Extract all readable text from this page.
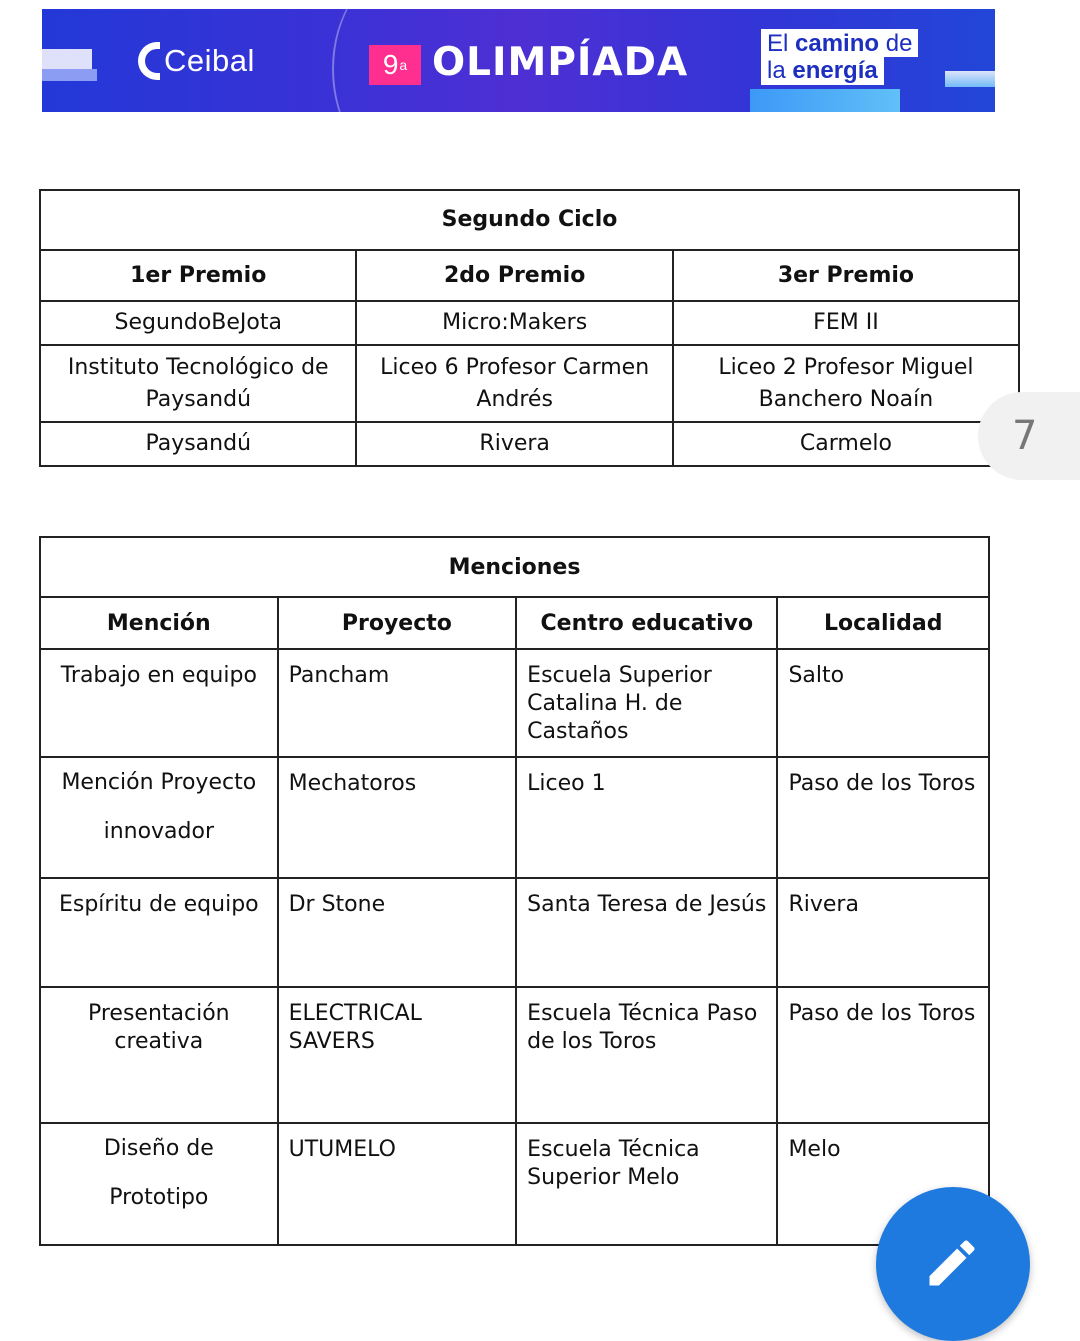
Ceibal	9 a OLIMPÍADA	El camino de
la energía
Segundo Ciclo		
1er Premio	2do Premio	3er Premio
SegundoBeJota	Micro:Makers	FEM II
Instituto Tecnológico de Paysandú	Liceo 6 Profesor Carmen Andrés	Liceo 2 Profesor Miguel Banchero Noaín
Paysandú	Rivera	Carmelo	7
Menciones			
Mención	Proyecto	Centro educativo	Localidad
Trabajo en equipo	Pancham	Escuela Superior Catalina H. de Castaños	Salto
Mención Proyecto innovador	Mechatoros	Liceo 1	Paso de los Toros
Espíritu de equipo	Dr Stone	Santa Teresa de Jesús	Rivera
Presentación creativa	ELECTRICAL SAVERS	Escuela Técnica Paso de los Toros	Paso de los Toros
Diseño de Prototipo	UTUMELO	Escuela Técnica Superior Melo	Melo
